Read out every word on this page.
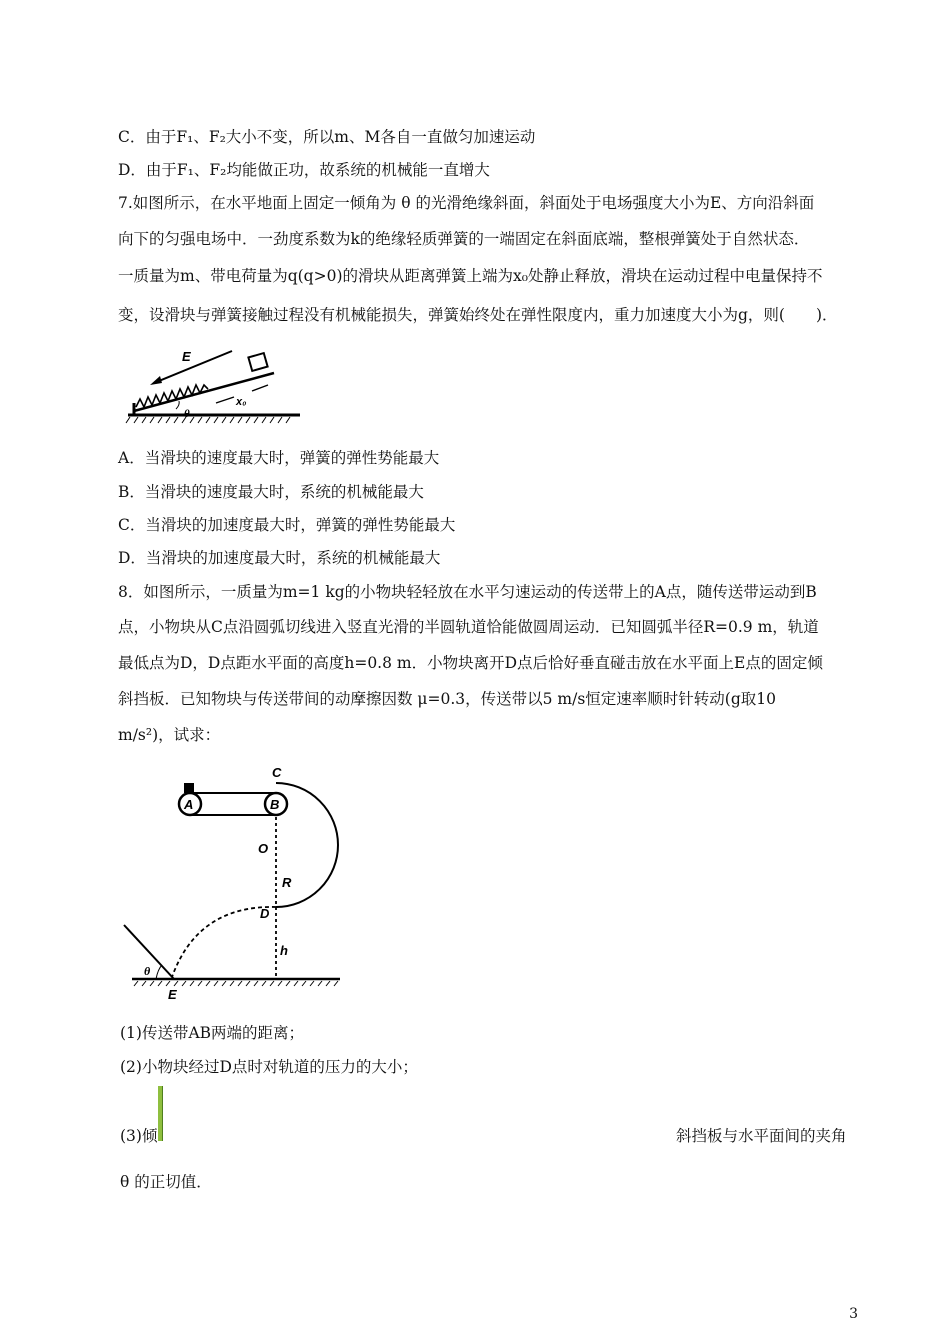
C．由于F₁、F₂大小不变，所以m、M各自一直做匀加速运动
D．由于F₁、F₂均能做正功，故系统的机械能一直增大
7.如图所示，在水平地面上固定一倾角为 θ 的光滑绝缘斜面，斜面处于电场强度大小为E、方向沿斜面
向下的匀强电场中．一劲度系数为k的绝缘轻质弹簧的一端固定在斜面底端，整根弹簧处于自然状态．
一质量为m、带电荷量为q(q>0)的滑块从距离弹簧上端为x₀处静止释放，滑块在运动过程中电量保持不
变，设滑块与弹簧接触过程没有机械能损失，弹簧始终处在弹性限度内，重力加速度大小为g，则(　　)．
E
x₀
θ
A．当滑块的速度最大时，弹簧的弹性势能最大
B．当滑块的速度最大时，系统的机械能最大
C．当滑块的加速度最大时，弹簧的弹性势能最大
D．当滑块的加速度最大时，系统的机械能最大
8．如图所示，一质量为m=1 kg的小物块轻轻放在水平匀速运动的传送带上的A点，随传送带运动到B
点，小物块从C点沿圆弧切线进入竖直光滑的半圆轨道恰能做圆周运动．已知圆弧半径R=0.9 m，轨道
最低点为D，D点距水平面的高度h=0.8 m．小物块离开D点后恰好垂直碰击放在水平面上E点的固定倾
斜挡板．已知物块与传送带间的动摩擦因数 μ=0.3，传送带以5 m/s恒定速率顺时针转动(g取10
m/s²)，试求：
A	B
C
O
R
D
h
θ
E
(1)传送带AB两端的距离；
(2)小物块经过D点时对轨道的压力的大小；
(3)倾	斜挡板与水平面间的夹角
θ 的正切值．
3
